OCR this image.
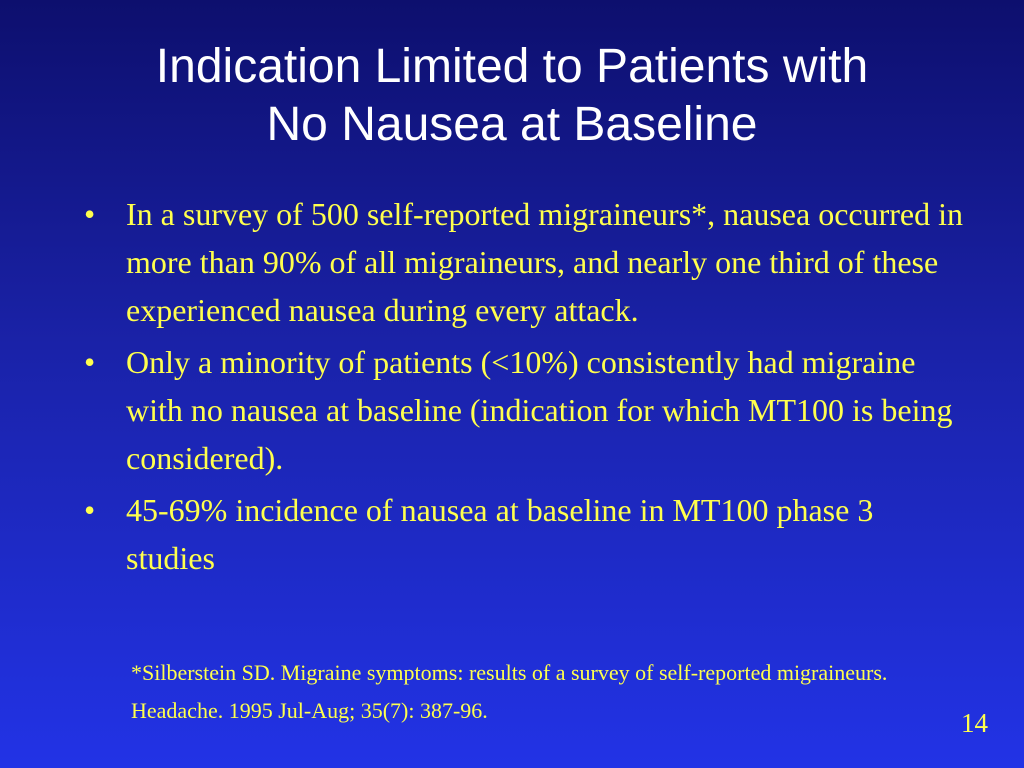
Indication Limited to Patients with
No Nausea at Baseline
• In a survey of 500 self-reported migraineurs*, nausea occurred in more than 90% of all migraineurs, and nearly one third of these experienced nausea during every attack.
• Only a minority of patients (<10%) consistently had migraine with no nausea at baseline (indication for which MT100 is being considered).
• 45-69% incidence of nausea at baseline in MT100 phase 3 studies
*Silberstein SD. Migraine symptoms: results of a survey of self-reported migraineurs. Headache. 1995 Jul-Aug; 35(7): 387-96.	14
